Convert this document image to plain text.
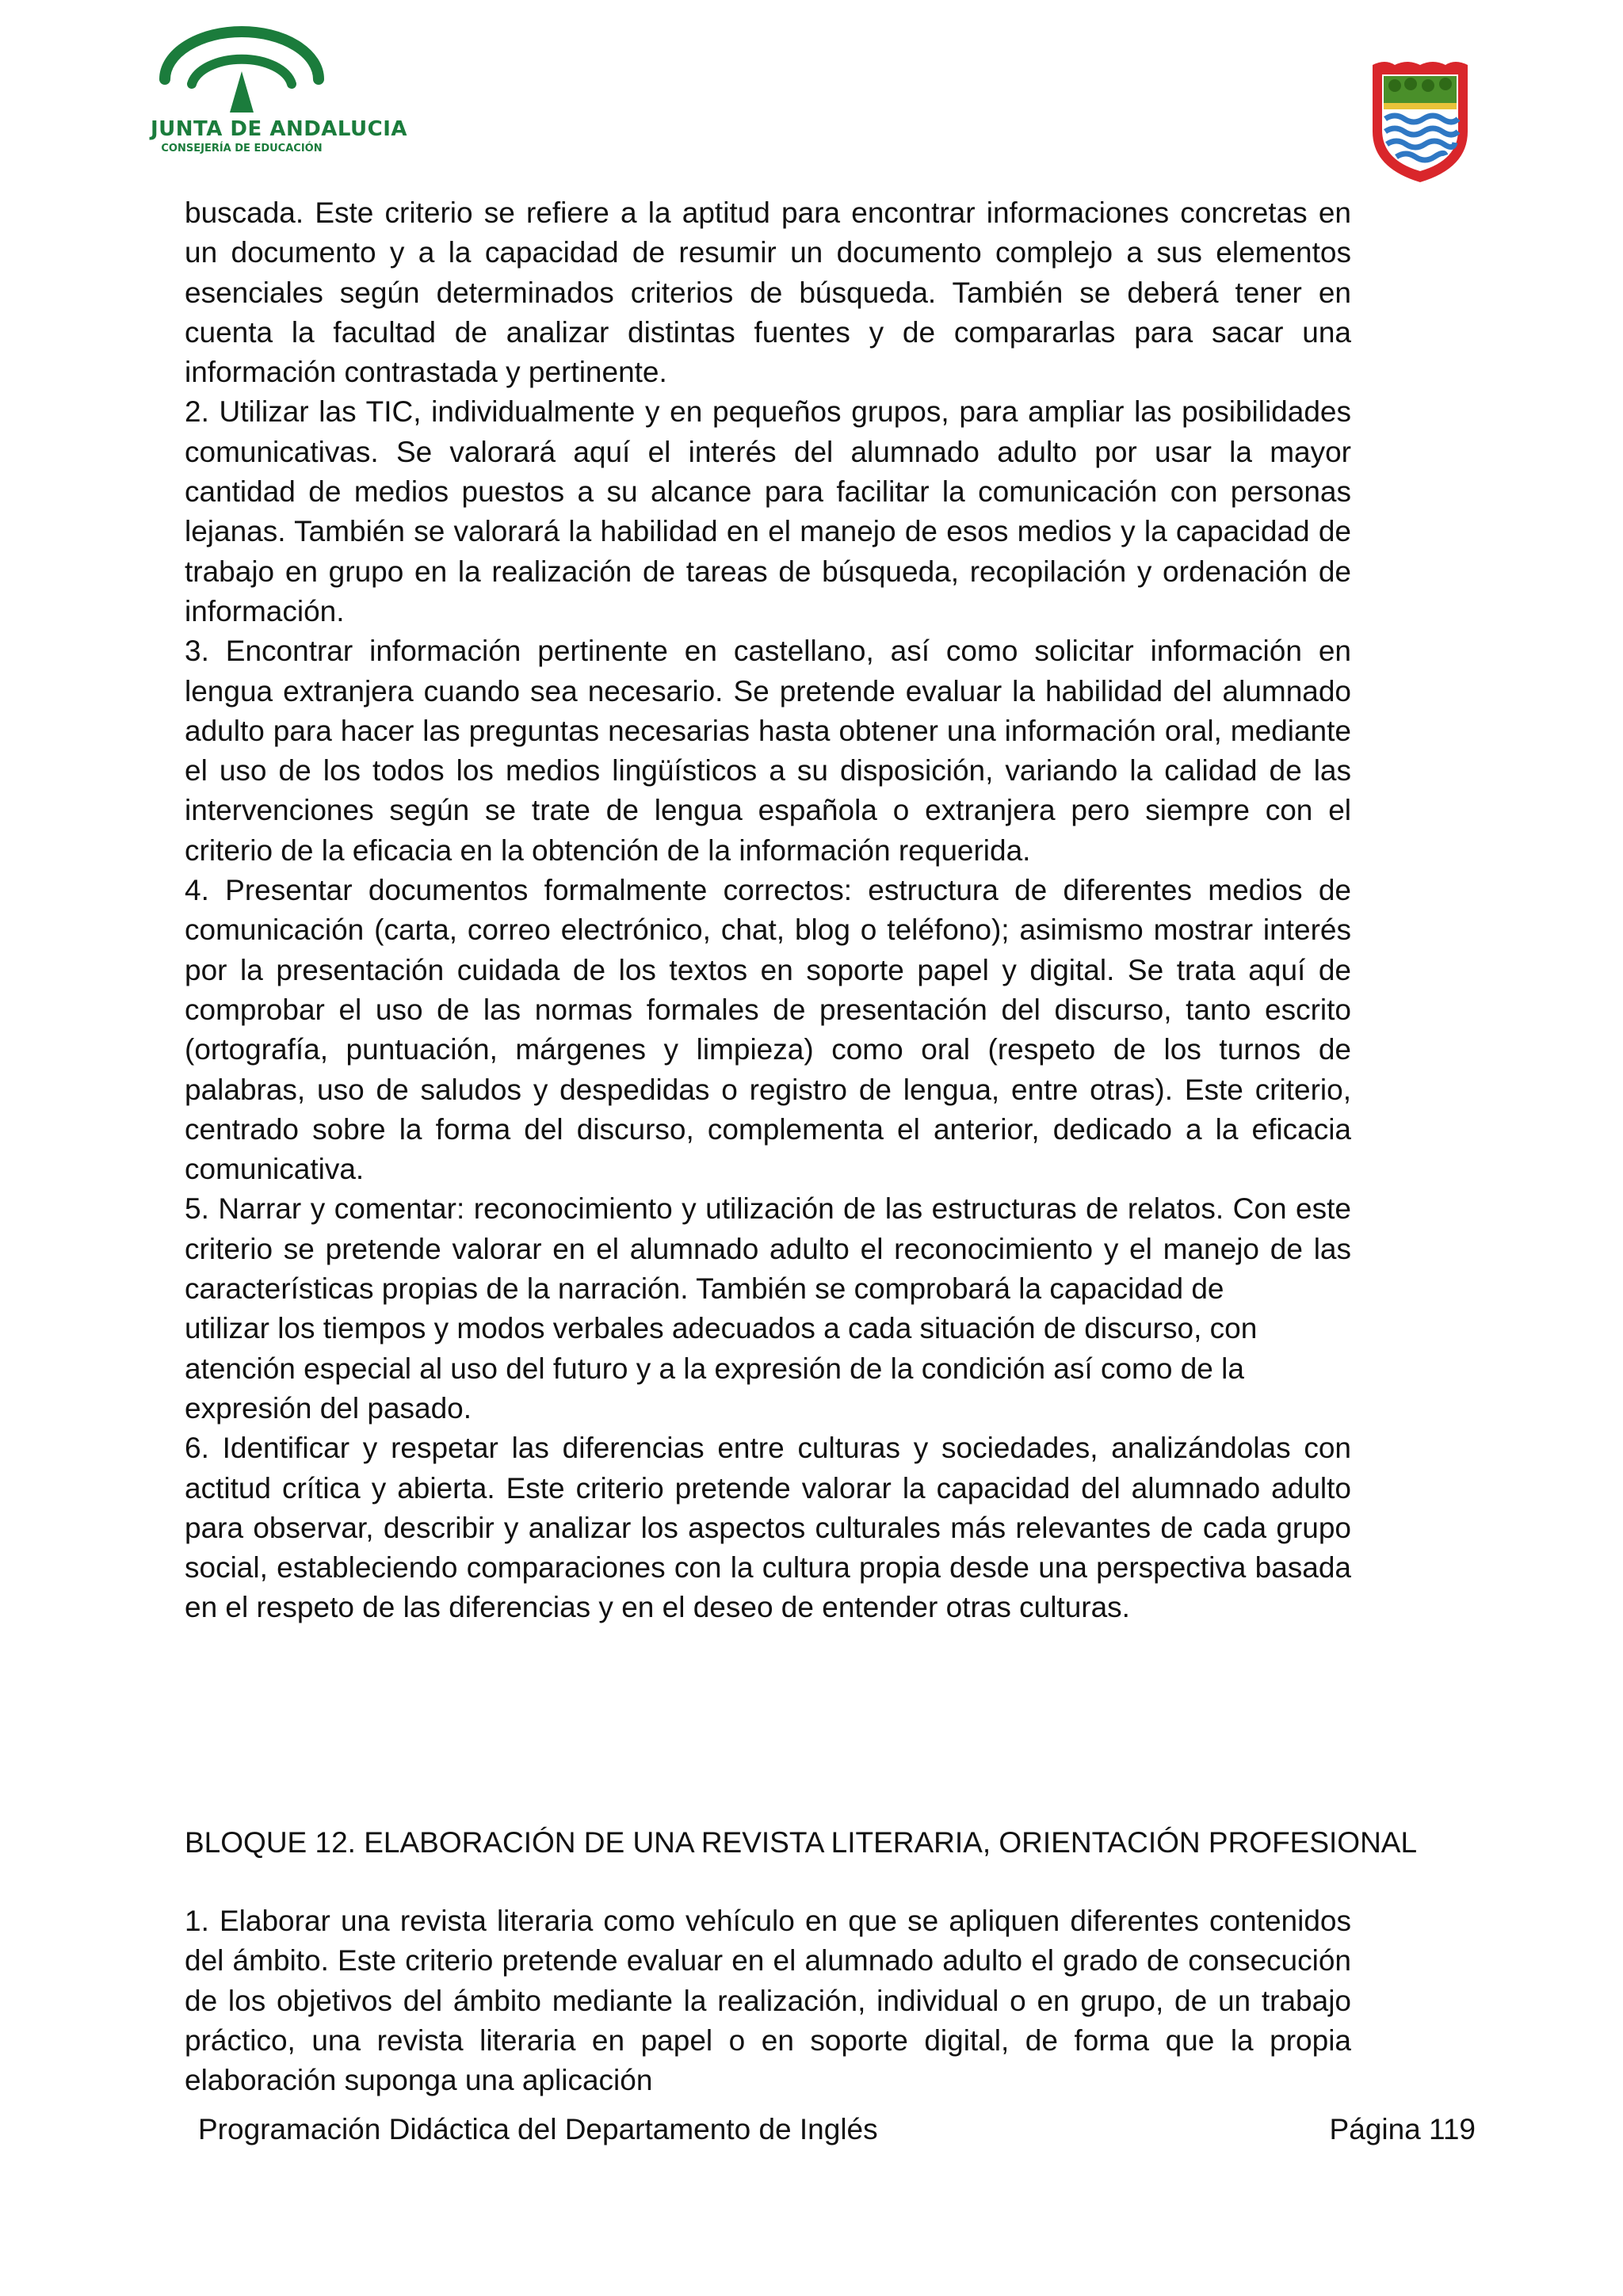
JUNTA DE ANDALUCIA
CONSEJERÍA DE EDUCACIÓN

buscada. Este criterio se refiere a la aptitud para encontrar informaciones concretas en un documento y a la capacidad de resumir un documento complejo a sus elementos esenciales según determinados criterios de búsqueda. También se deberá tener en cuenta la facultad de analizar distintas fuentes y de compararlas para sacar una información contrastada y pertinente.

2. Utilizar las TIC, individualmente y en pequeños grupos, para ampliar las posibilidades comunicativas. Se valorará aquí el interés del alumnado adulto por usar la mayor cantidad de medios puestos a su alcance para facilitar la comunicación con personas lejanas. También se valorará la habilidad en el manejo de esos medios y la capacidad de trabajo en grupo en la realización de tareas de búsqueda, recopilación y ordenación de información.

3. Encontrar información pertinente en castellano, así como solicitar información en lengua extranjera cuando sea necesario. Se pretende evaluar la habilidad del alumnado adulto para hacer las preguntas necesarias hasta obtener una información oral, mediante el uso de los todos los medios lingüísticos a su disposición, variando la calidad de las intervenciones según se trate de lengua española o extranjera pero siempre con el criterio de la eficacia en la obtención de la información requerida.

4. Presentar documentos formalmente correctos: estructura de diferentes medios de comunicación (carta, correo electrónico, chat, blog o teléfono); asimismo mostrar interés por la presentación cuidada de los textos en soporte papel y digital. Se trata aquí de comprobar el uso de las normas formales de presentación del discurso, tanto escrito (ortografía, puntuación, márgenes y limpieza) como oral (respeto de los turnos de palabras, uso de saludos y despedidas o registro de lengua, entre otras). Este criterio, centrado sobre la forma del discurso, complementa el anterior, dedicado a la eficacia comunicativa.

5. Narrar y comentar: reconocimiento y utilización de las estructuras de relatos. Con este criterio se pretende valorar en el alumnado adulto el reconocimiento y el manejo de las características propias de la narración. También se comprobará la capacidad de

utilizar los tiempos y modos verbales adecuados a cada situación de discurso, con atención especial al uso del futuro y a la expresión de la condición así como de la expresión del pasado.

6. Identificar y respetar las diferencias entre culturas y sociedades, analizándolas con actitud crítica y abierta. Este criterio pretende valorar la capacidad del alumnado adulto para observar, describir y analizar los aspectos culturales más relevantes de cada grupo social, estableciendo comparaciones con la cultura propia desde una perspectiva basada en el respeto de las diferencias y en el deseo de entender otras culturas.

BLOQUE 12. ELABORACIÓN DE UNA REVISTA LITERARIA, ORIENTACIÓN PROFESIONAL

1. Elaborar una revista literaria como vehículo en que se apliquen diferentes contenidos del ámbito. Este criterio pretende evaluar en el alumnado adulto el grado de consecución de los objetivos del ámbito mediante la realización, individual o en grupo, de un trabajo práctico, una revista literaria en papel o en soporte digital, de forma que la propia elaboración suponga una aplicación

Programación Didáctica del Departamento de Inglés	Página 119
